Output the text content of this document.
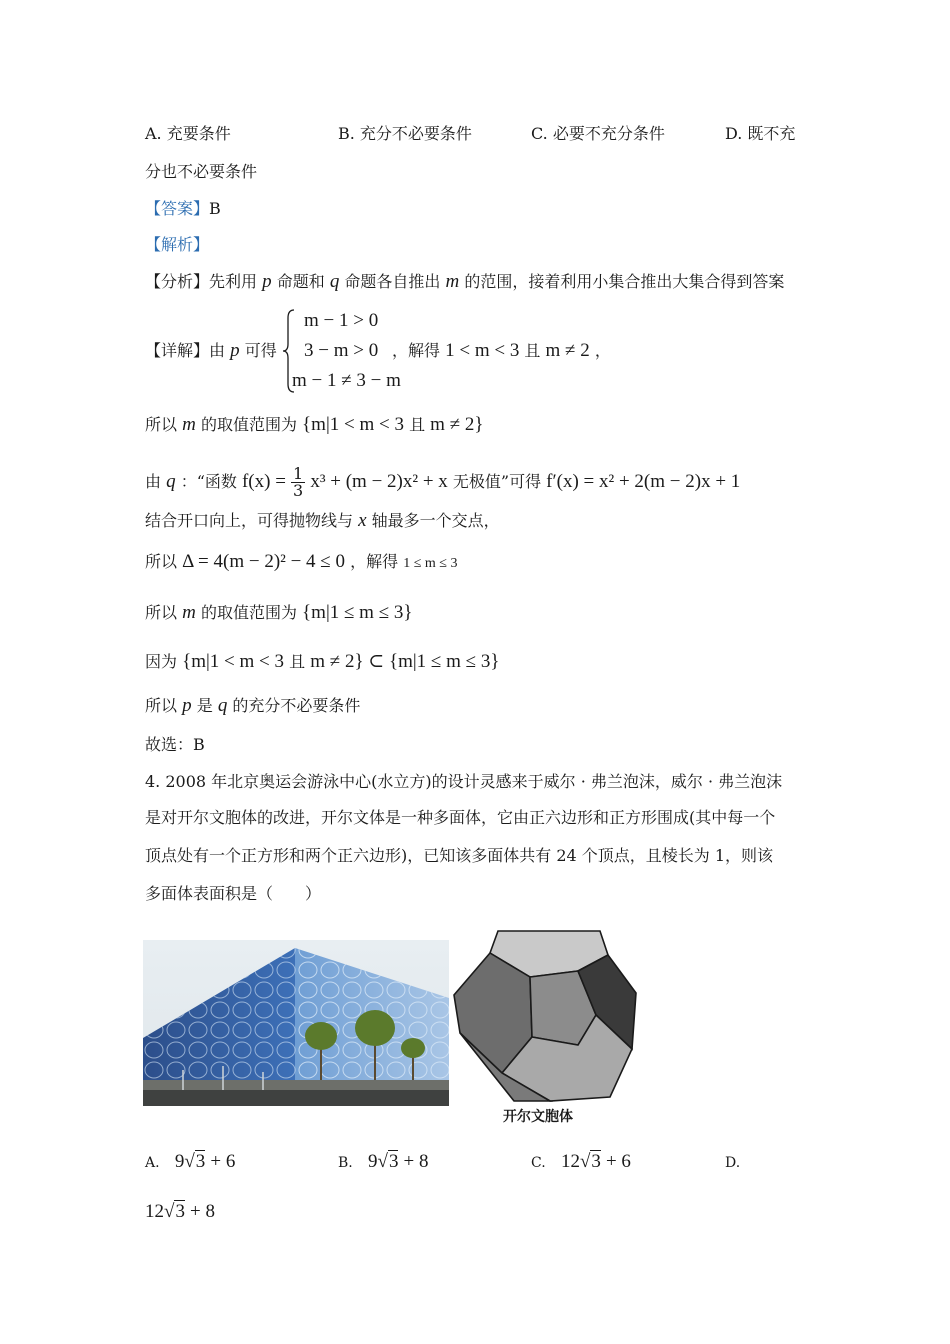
A. 充要条件	B. 充分不必要条件	C. 必要不充分条件	D. 既不充
分也不必要条件
【答案】B
【解析】
【分析】先利用 p 命题和 q 命题各自推出 m 的范围，接着利用小集合推出大集合得到答案
【详解】由 p 可得
m − 1 > 0
3 − m > 0
m − 1 ≠ 3 − m
，解得 1 < m < 3 且 m ≠ 2 ，
所以 m 的取值范围为 {m|1 < m < 3 且 m ≠ 2}
由 q ：“函数 $f(x) = \frac{1}{3} x^3 + (m - 2)x^2 + x$ 无极值”可得 f′(x) = x² + 2(m − 2)x + 1
结合开口向上，可得抛物线与 x 轴最多一个交点，
所以 Δ = 4(m − 2)² − 4 ≤ 0 ，解得 1 ≤ m ≤ 3
所以 m 的取值范围为 {m|1 ≤ m ≤ 3}
因为 {m|1 < m < 3 且 m ≠ 2} ⊂ {m|1 ≤ m ≤ 3}
所以 p 是 q 的充分不必要条件
故选：B
4. 2008 年北京奥运会游泳中心(水立方)的设计灵感来于威尔 · 弗兰泡沫，威尔 · 弗兰泡沫
是对开尔文胞体的改进，开尔文体是一种多面体，它由正六边形和正方形围成(其中每一个
顶点处有一个正方形和两个正六边形)，已知该多面体共有 24 个顶点，且棱长为 1，则该
多面体表面积是（　　）
开尔文胞体
A. 9√3 + 6	B. 9√3 + 8	C. 12√3 + 6	D.
12√3 + 8
